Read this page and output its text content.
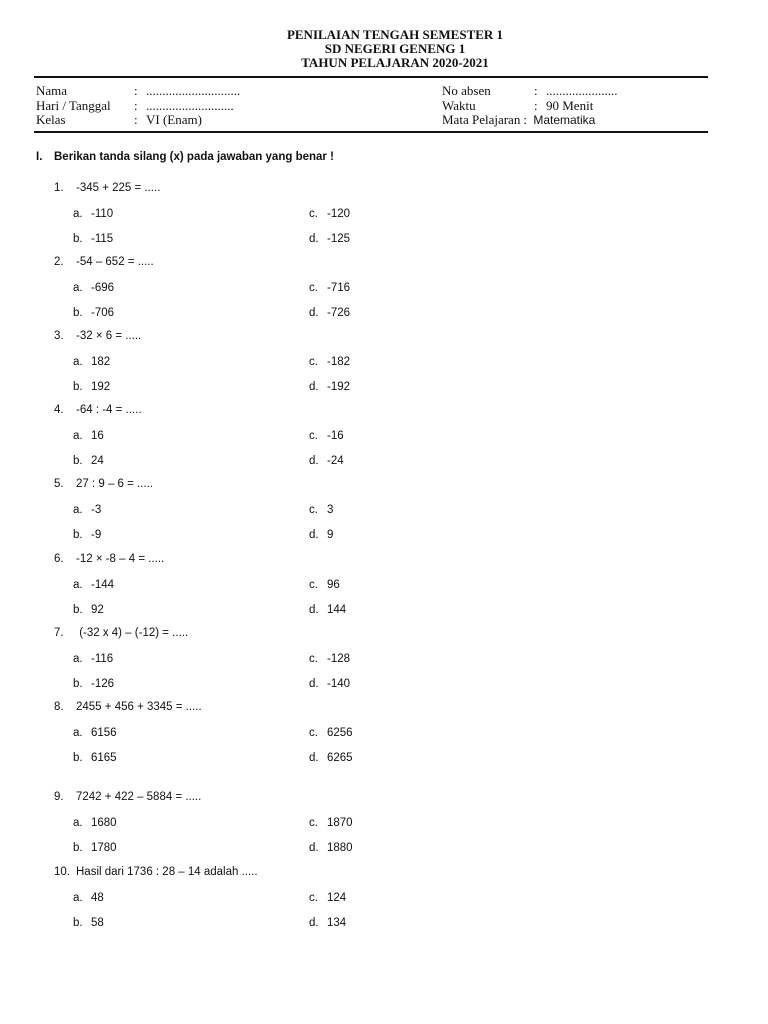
PENILAIAN TENGAH SEMESTER 1
SD NEGERI GENENG 1
TAHUN PELAJARAN 2020-2021
Nama	: .............................
Hari / Tanggal	: ...........................
Kelas	: VI (Enam)
No absen	: ......................
Waktu	: 90 Menit
Mata Pelajaran : Matematika
I. Berikan tanda silang (x) pada jawaban yang benar !
1. -345 + 225 = .....
a. -110	c. -120
b. -115	d. -125
2. -54 – 652 = .....
a. -696	c. -716
b. -706	d. -726
3. -32 × 6 = .....
a. 182	c. -182
b. 192	d. -192
4. -64 : -4 = .....
a. 16	c. -16
b. 24	d. -24
5. 27 : 9 – 6 = .....
a. -3	c. 3
b. -9	d. 9
6. -12 × -8 – 4 = .....
a. -144	c. 96
b. 92	d. 144
7. (-32 x 4) – (-12) = .....
a. -116	c. -128
b. -126	d. -140
8. 2455 + 456 + 3345 = .....
a. 6156	c. 6256
b. 6165	d. 6265
9. 7242 + 422 – 5884 = .....
a. 1680	c. 1870
b. 1780	d. 1880
10. Hasil dari 1736 : 28 – 14 adalah .....
a. 48	c. 124
b. 58	d. 134
